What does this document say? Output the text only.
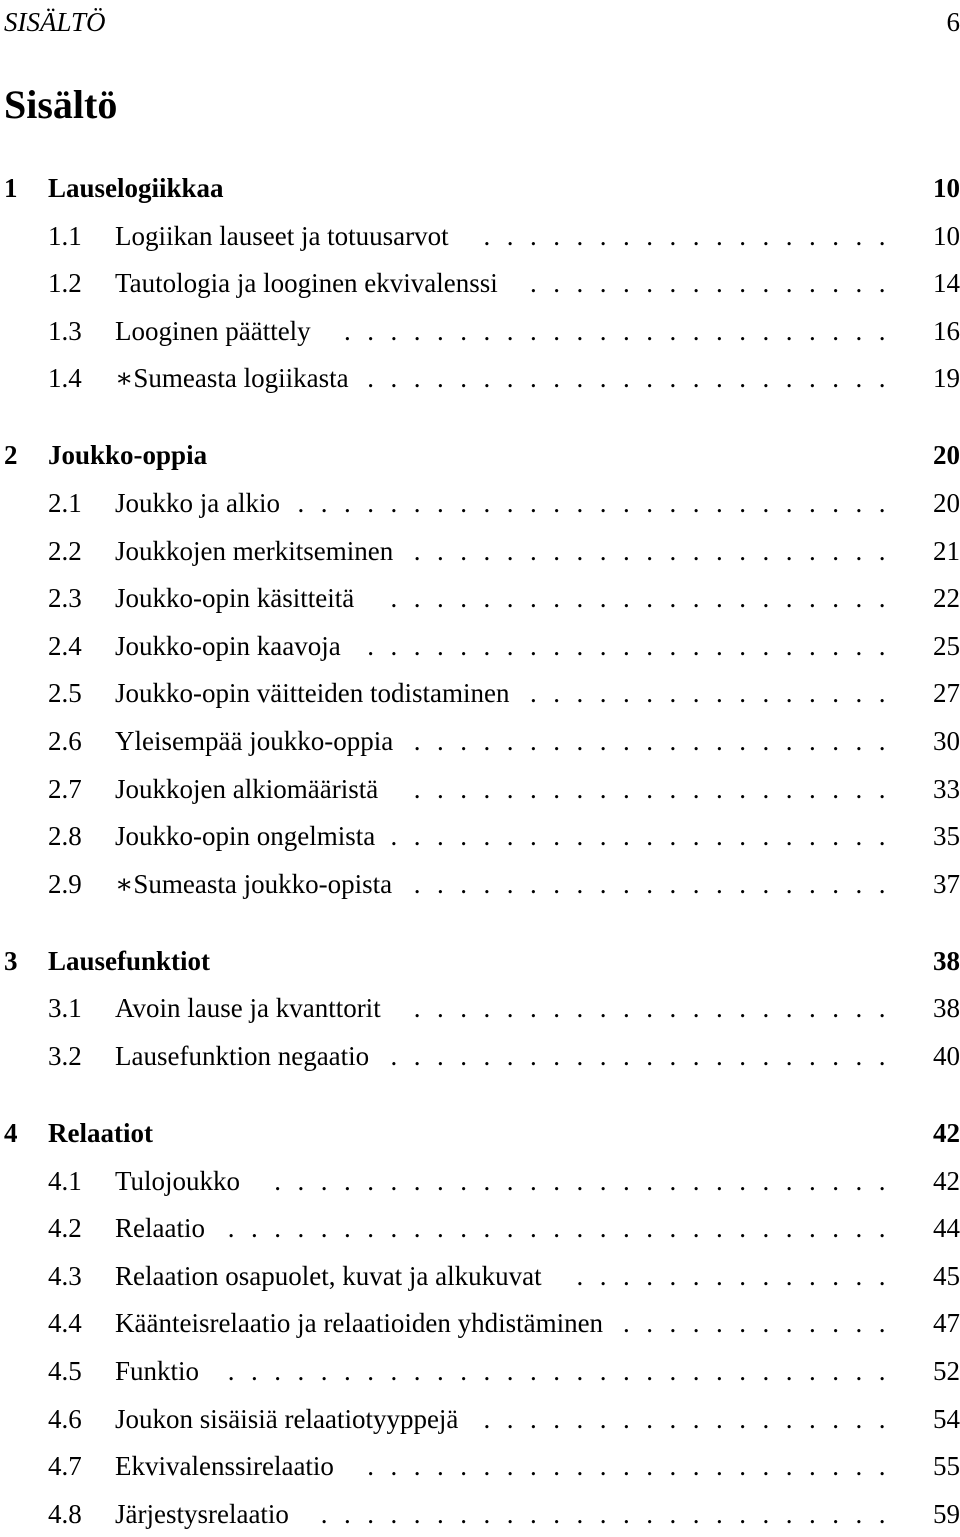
SISÄLTÖ	6
Sisältö
1 Lauselogiikkaa	10
1.1 Logiikan lauseet ja totuusarvot	10
..................
1.2 Tautologia ja looginen ekvivalenssi	14
................
1.3 Looginen päättely	16
........................
1.4 ∗Sumeasta logiikasta	19
.......................
2 Joukko-oppia	20
2.1 Joukko ja alkio	20
..........................
2.2 Joukkojen merkitseminen	21
.....................
2.3 Joukko-opin käsitteitä	22
......................
2.4 Joukko-opin kaavoja	25
.......................
2.5 Joukko-opin väitteiden todistaminen	27
................
2.6 Yleisempää joukko-oppia	30
.....................
2.7 Joukkojen alkiomääristä	33
.....................
2.8 Joukko-opin ongelmista	35
......................
2.9 ∗Sumeasta joukko-opista	37
.....................
3 Lausefunktiot	38
3.1 Avoin lause ja kvanttorit	38
.....................
3.2 Lausefunktion negaatio	40
......................
4 Relaatiot	42
4.1 Tulojoukko	42
...........................
4.2 Relaatio	44
.............................
4.3 Relaation osapuolet, kuvat ja alkukuvat	45
..............
4.4 Käänteisrelaatio ja relaatioiden yhdistäminen	47
............
4.5 Funktio	52
.............................
4.6 Joukon sisäisiä relaatiotyyppejä	54
..................
4.7 Ekvivalenssirelaatio	55
.......................
4.8 Järjestysrelaatio	59
.........................
